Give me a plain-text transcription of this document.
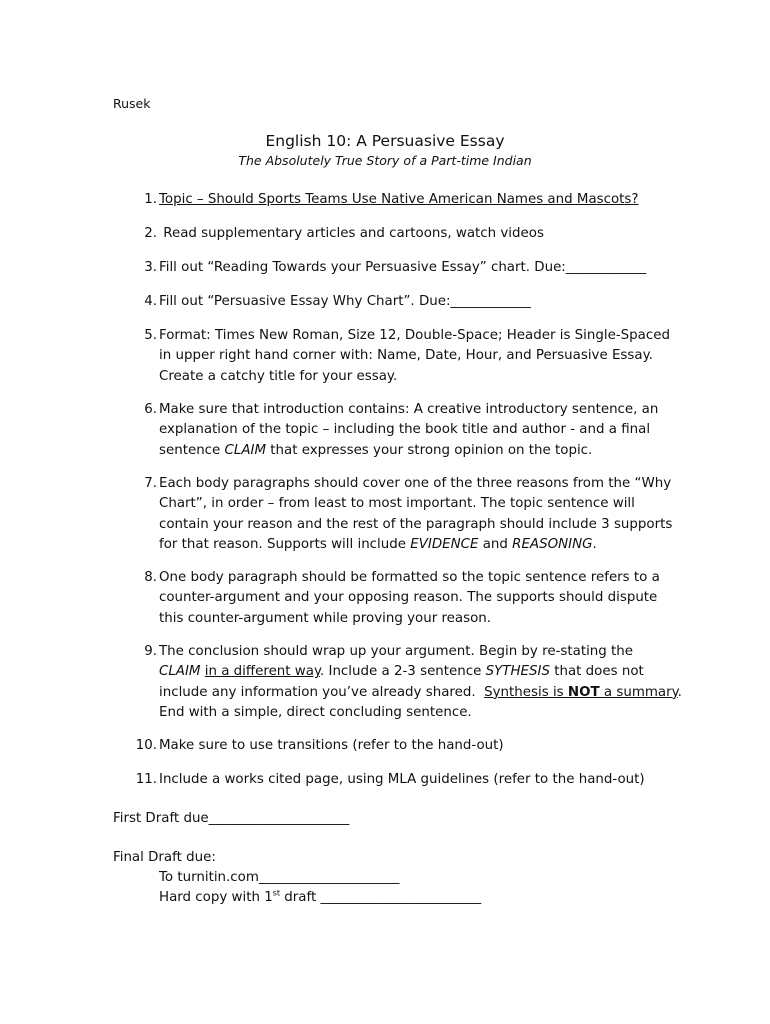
Rusek
English 10: A Persuasive Essay
The Absolutely True Story of a Part-time Indian
1. Topic – Should Sports Teams Use Native American Names and Mascots?
2. Read supplementary articles and cartoons, watch videos
3. Fill out “Reading Towards your Persuasive Essay” chart. Due:____________
4. Fill out “Persuasive Essay Why Chart”. Due:____________
5. Format: Times New Roman, Size 12, Double-Space; Header is Single-Spaced
in upper right hand corner with: Name, Date, Hour, and Persuasive Essay.
Create a catchy title for your essay.
6. Make sure that introduction contains: A creative introductory sentence, an
explanation of the topic – including the book title and author - and a final
sentence CLAIM that expresses your strong opinion on the topic.
7. Each body paragraphs should cover one of the three reasons from the “Why
Chart”, in order – from least to most important. The topic sentence will
contain your reason and the rest of the paragraph should include 3 supports
for that reason. Supports will include EVIDENCE and REASONING.
8. One body paragraph should be formatted so the topic sentence refers to a
counter-argument and your opposing reason. The supports should dispute
this counter-argument while proving your reason.
9. The conclusion should wrap up your argument. Begin by re-stating the
CLAIM in a different way. Include a 2-3 sentence SYTHESIS that does not
include any information you’ve already shared.  Synthesis is NOT a summary.
End with a simple, direct concluding sentence.
10. Make sure to use transitions (refer to the hand-out)
11. Include a works cited page, using MLA guidelines (refer to the hand-out)
First Draft due_____________________
Final Draft due:
To turnitin.com_____________________
Hard copy with 1st draft ________________________
